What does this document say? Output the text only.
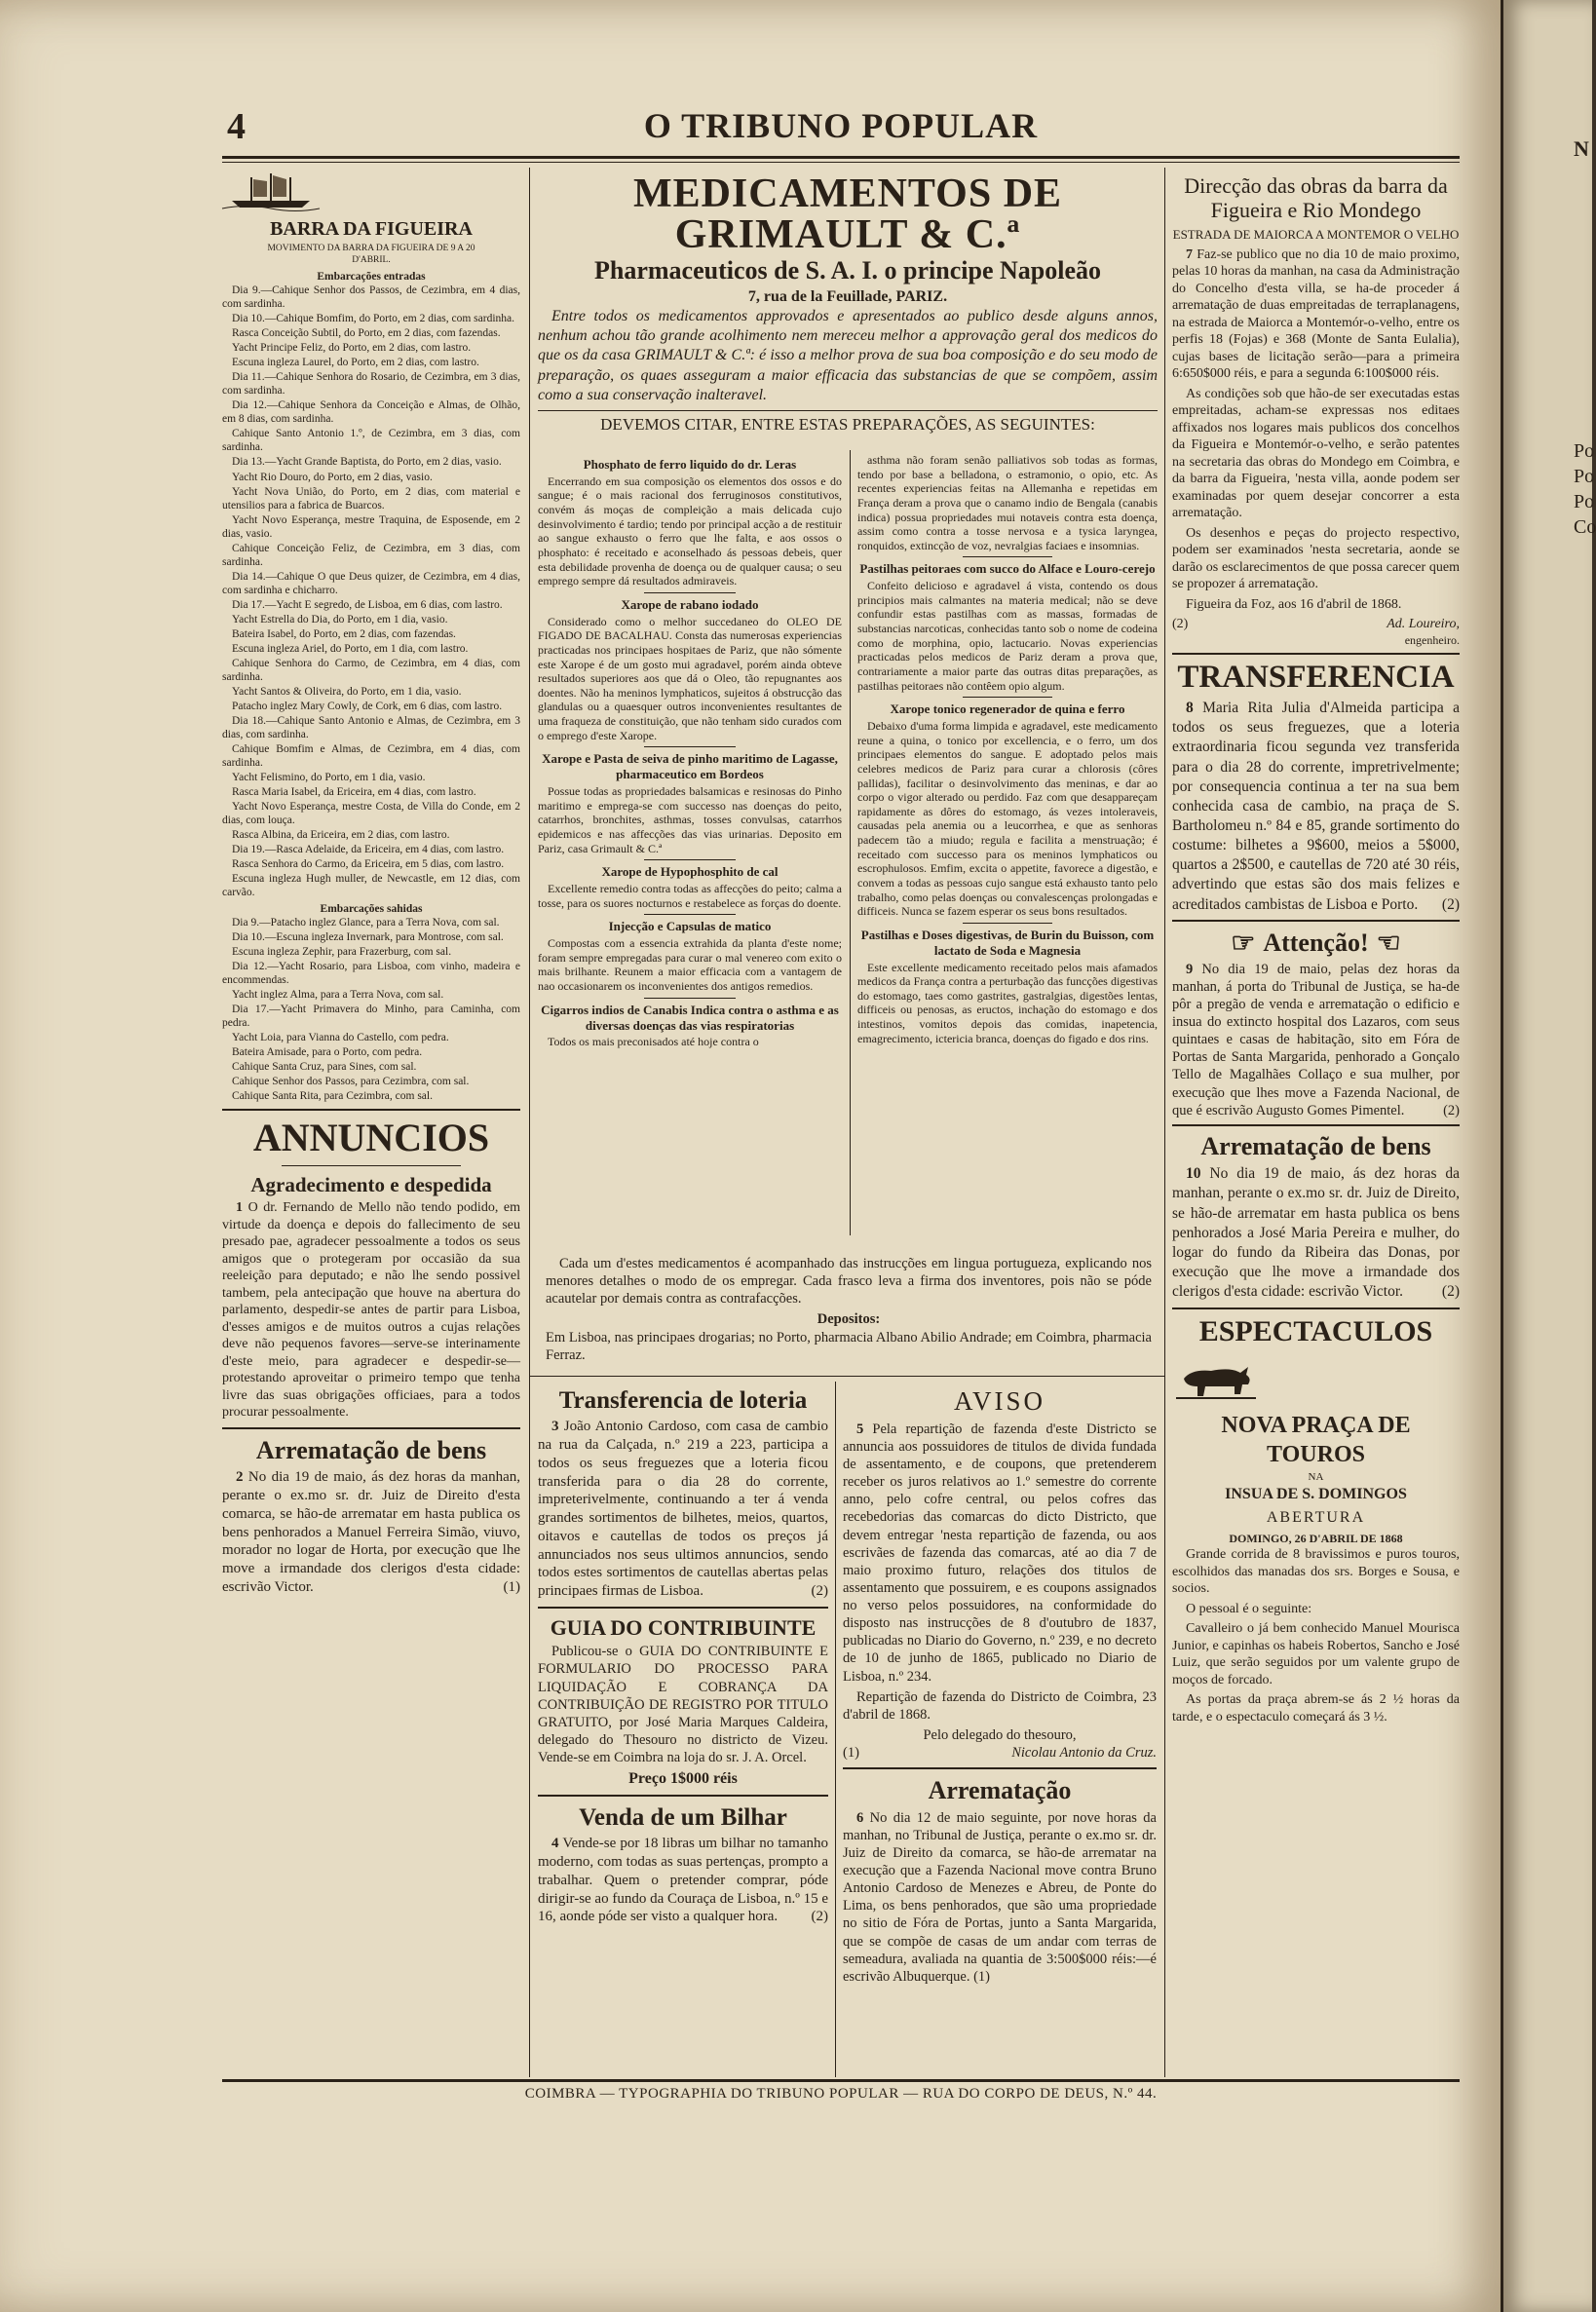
4	O TRIBUNO POPULAR
BARRA DA FIGUEIRA
MOVIMENTO DA BARRA DA FIGUEIRA DE 9 A 20 D'ABRIL.
Embarcações entradas
Dia 9.—Cahique Senhor dos Passos, de Cezimbra, em 4 dias, com sardinha.
Dia 10.—Cahique Bomfim, do Porto, em 2 dias, com sardinha.
Rasca Conceição Subtil, do Porto, em 2 dias, com fazendas.
Yacht Principe Feliz, do Porto, em 2 dias, com lastro.
Escuna ingleza Laurel, do Porto, em 2 dias, com lastro.
Dia 11.—Cahique Senhora do Rosario, de Cezimbra, em 3 dias, com sardinha.
Dia 12.—Cahique Senhora da Conceição e Almas, de Olhão, em 8 dias, com sardinha.
Cahique Santo Antonio 1.º, de Cezimbra, em 3 dias, com sardinha.
Dia 13.—Yacht Grande Baptista, do Porto, em 2 dias, vasio.
Yacht Rio Douro, do Porto, em 2 dias, vasio.
Yacht Nova União, do Porto, em 2 dias, com material e utensilios para a fabrica de Buarcos.
Yacht Novo Esperança, mestre Traquina, de Esposende, em 2 dias, vasio.
Cahique Conceição Feliz, de Cezimbra, em 3 dias, com sardinha.
Dia 14.—Cahique O que Deus quizer, de Cezimbra, em 4 dias, com sardinha e chicharro.
Dia 17.—Yacht E segredo, de Lisboa, em 6 dias, com lastro.
Yacht Estrella do Dia, do Porto, em 1 dia, vasio.
Bateira Isabel, do Porto, em 2 dias, com fazendas.
Escuna ingleza Ariel, do Porto, em 1 dia, com lastro.
Cahique Senhora do Carmo, de Cezimbra, em 4 dias, com sardinha.
Yacht Santos & Oliveira, do Porto, em 1 dia, vasio.
Patacho inglez Mary Cowly, de Cork, em 6 dias, com lastro.
Dia 18.—Cahique Santo Antonio e Almas, de Cezimbra, em 3 dias, com sardinha.
Cahique Bomfim e Almas, de Cezimbra, em 4 dias, com sardinha.
Yacht Felismino, do Porto, em 1 dia, vasio.
Rasca Maria Isabel, da Ericeira, em 4 dias, com lastro.
Yacht Novo Esperança, mestre Costa, de Villa do Conde, em 2 dias, com louça.
Rasca Albina, da Ericeira, em 2 dias, com lastro.
Dia 19.—Rasca Adelaide, da Ericeira, em 4 dias, com lastro.
Rasca Senhora do Carmo, da Ericeira, em 5 dias, com lastro.
Escuna ingleza Hugh muller, de Newcastle, em 12 dias, com carvão.
Embarcações sahidas
Dia 9.—Patacho inglez Glance, para a Terra Nova, com sal.
Dia 10.—Escuna ingleza Invernark, para Montrose, com sal.
Escuna ingleza Zephir, para Frazerburg, com sal.
Dia 12.—Yacht Rosario, para Lisboa, com vinho, madeira e encommendas.
Yacht inglez Alma, para a Terra Nova, com sal.
Dia 17.—Yacht Primavera do Minho, para Caminha, com pedra.
Yacht Loia, para Vianna do Castello, com pedra.
Bateira Amisade, para o Porto, com pedra.
Cahique Santa Cruz, para Sines, com sal.
Cahique Senhor dos Passos, para Cezimbra, com sal.
Cahique Santa Rita, para Cezimbra, com sal.
ANNUNCIOS
Agradecimento e despedida

1 O dr. Fernando de Mello não tendo podido, em virtude da doença e depois do fallecimento de seu presado pae, agradecer pessoalmente a todos os seus amigos que o protegeram por occasião da sua reeleição para deputado; e não lhe sendo possivel tambem, pela antecipação que houve na abertura do parlamento, despedir-se antes de partir para Lisboa, d'esses amigos e de muitos outros a cujas relações deve não pequenos favores—serve-se interinamente d'este meio, para agradecer e despedir-se— protestando aproveitar o primeiro tempo que tenha livre das suas obrigações officiaes, para a todos procurar pessoalmente.

Arrematação de bens

2 No dia 19 de maio, ás dez horas da manhan, perante o ex.mo sr. dr. Juiz de Direito d'esta comarca, se hão-de arrematar em hasta publica os bens penhorados a Manuel Ferreira Simão, viuvo, morador no logar de Horta, por execução que lhe move a irmandade dos clerigos d'esta cidade: escrivão Victor.	(1)

MEDICAMENTOS DE GRIMAULT & C.ª
Pharmaceuticos de S. A. I. o principe Napoleão
7, rua de la Feuillade, PARIZ.

Entre todos os medicamentos approvados e apresentados ao publico desde alguns annos, nenhum achou tão grande acolhimento nem mereceu melhor a approvação geral dos medicos do que os da casa GRIMAULT & C.ª: é isso a melhor prova de sua boa composição e do seu modo de preparação, os quaes asseguram a maior efficacia das substancias de que se compõem, assim como a sua conservação inalteravel.

DEVEMOS CITAR, ENTRE ESTAS PREPARAÇÕES, AS SEGUINTES:
Phosphato de ferro liquido do dr. Leras

Encerrando em sua composição os elementos dos ossos e do sangue; é o mais racional dos ferruginosos constitutivos, convém ás moças de compleição a mais delicada cujo desinvolvimento é tardio; tendo por principal acção a de restituir ao sangue exhausto o ferro que lhe falta, e aos ossos o phosphato: é receitado e aconselhado ás pessoas debeis, quer esta debilidade provenha de doença ou de qualquer causa; o seu emprego sempre dá resultados admiraveis.

Xarope de rabano iodado

Considerado como o melhor succedaneo do OLEO DE FIGADO DE BACALHAU. Consta das numerosas experiencias practicadas nos principaes hospitaes de Pariz, que não sómente este Xarope é de um gosto mui agradavel, porém ainda obteve resultados superiores aos que dá o Oleo, tão repugnantes aos doentes. Não ha meninos lymphaticos, sujeitos á obstrucção das glandulas ou a quaesquer outros inconvenientes resultantes de uma fraqueza de constituição, que não tenham sido curados com o emprego d'este Xarope.

Xarope e Pasta de seiva de pinho maritimo de Lagasse, pharmaceutico em Bordeos

Possue todas as propriedades balsamicas e resinosas do Pinho maritimo e emprega-se com successo nas doenças do peito, catarrhos, bronchites, asthmas, tosses convulsas, catarrhos epidemicos e nas affecções das vias urinarias. Deposito em Pariz, casa Grimault & C.ª

Xarope de Hypophosphito de cal

Excellente remedio contra todas as affecções do peito; calma a tosse, para os suores nocturnos e restabelece as forças do doente.

Injecção e Capsulas de matico

Compostas com a essencia extrahida da planta d'este nome; foram sempre empregadas para curar o mal venereo com exito o mais brilhante. Reunem a maior efficacia com a vantagem de nao occasionarem os inconvenientes dos antigos remedios.

Cigarros indios de Canabis Indica contra o asthma e as diversas doenças das vias respiratorias

Todos os mais preconisados até hoje contra o

asthma não foram senão palliativos sob todas as formas, tendo por base a belladona, o estramonio, o opio, etc. As recentes experiencias feitas na Allemanha e repetidas em França deram a prova que o canamo indio de Bengala (canabis indica) possua propriedades mui notaveis contra esta doença, assim como contra a tosse nervosa e a tysica laryngea, ronquidos, extincção de voz, nevralgias faciaes e insomnias.

Pastilhas peitoraes com succo do Alface e Louro-cerejo

Confeito delicioso e agradavel á vista, contendo os dous principios mais calmantes na materia medical; não se deve confundir estas pastilhas com as massas, formadas de substancias narcoticas, conhecidas tanto sob o nome de codeina como de morphina, opio, lactucario. Novas experiencias practicadas pelos medicos de Pariz deram a prova que, contrariamente a maior parte das outras ditas preparações, as pastilhas peitoraes não contêem opio algum.

Xarope tonico regenerador de quina e ferro

Debaixo d'uma forma limpida e agradavel, este medicamento reune a quina, o tonico por excellencia, e o ferro, um dos principaes elementos do sangue. E adoptado pelos mais celebres medicos de Pariz para curar a chlorosis (côres pallidas), facilitar o desinvolvimento das meninas, e dar ao corpo o vigor alterado ou perdido. Faz com que desappareçam rapidamente as dôres do estomago, ás vezes intoleraveis, causadas pela anemia ou a leucorrhea, e que as senhoras padecem tão a miudo; regula e facilita a menstruação; é receitado com successo para os meninos lymphaticos ou escrophulosos. Emfim, excita o appetite, favorece a digestão, e convem a todas as pessoas cujo sangue está exhausto tanto pelo trabalho, como pelas doenças ou convalescenças prolongadas e difficeis. Nunca se fazem esperar os seus bons resultados.

Pastilhas e Doses digestivas, de Burin du Buisson, com lactato de Soda e Magnesia

Este excellente medicamento receitado pelos mais afamados medicos da França contra a perturbação das funcções digestivas do estomago, taes como gastrites, gastralgias, digestões lentas, difficeis ou penosas, as eructos, inchação do estomago e dos intestinos, vomitos depois das comidas, inapetencia, emagrecimento, ictericia branca, doenças do figado e dos rins.

Cada um d'estes medicamentos é acompanhado das instrucções em lingua portugueza, explicando nos menores detalhes o modo de os empregar. Cada frasco leva a firma dos inventores, pois não se póde acautelar por demais contra as contrafacções.

Depositos:

Em Lisboa, nas principaes drogarias; no Porto, pharmacia Albano Abilio Andrade; em Coimbra, pharmacia Ferraz.

Transferencia de loteria

3 João Antonio Cardoso, com casa de cambio na rua da Calçada, n.º 219 a 223, participa a todos os seus freguezes que a loteria ficou transferida para o dia 28 do corrente, impreterivelmente, continuando a ter á venda grandes sortimentos de bilhetes, meios, quartos, oitavos e cautellas de todos os preços já annunciados nos seus ultimos annuncios, sendo todos estes sortimentos de cautellas abertas pelas principaes firmas de Lisboa.	(2)

GUIA DO CONTRIBUINTE

Publicou-se o GUIA DO CONTRIBUINTE E FORMULARIO DO PROCESSO PARA LIQUIDAÇÃO E COBRANÇA DA CONTRIBUIÇÃO DE REGISTRO POR TITULO GRATUITO, por José Maria Marques Caldeira, delegado do Thesouro no districto de Vizeu. Vende-se em Coimbra na loja do sr. J. A. Orcel.

Preço 1$000 réis
Venda de um Bilhar

4 Vende-se por 18 libras um bilhar no tamanho moderno, com todas as suas pertenças, prompto a trabalhar. Quem o pretender comprar, póde dirigir-se ao fundo da Couraça de Lisboa, n.º 15 e 16, aonde póde ser visto a qualquer hora.	(2)

AVISO

5 Pela repartição de fazenda d'este Districto se annuncia aos possuidores de titulos de divida fundada de assentamento, e de coupons, que pretenderem receber os juros relativos ao 1.º semestre do corrente anno, pelo cofre central, ou pelos cofres das recebedorias das comarcas do dicto Districto, que devem entregar 'nesta repartição de fazenda, ou aos escrivães de fazenda das comarcas, até ao dia 7 de maio proximo futuro, relações dos titulos de assentamento que possuirem, e es coupons assignados no verso pelos possuidores, na conformidade do disposto nas instrucções de 8 d'outubro de 1837, publicadas no Diario do Governo, n.º 239, e no decreto de 10 de junho de 1865, publicado no Diario de Lisboa, n.º 234.

Repartição de fazenda do Districto de Coimbra, 23 d'abril de 1868.

Pelo delegado do thesouro,
(1)	Nicolau Antonio da Cruz.
Arrematação

6 No dia 12 de maio seguinte, por nove horas da manhan, no Tribunal de Justiça, perante o ex.mo sr. dr. Juiz de Direito da comarca, se hão-de arrematar na execução que a Fazenda Nacional move contra Bruno Antonio Cardoso de Menezes e Abreu, de Ponte do Lima, os bens penhorados, que são uma propriedade no sitio de Fóra de Portas, junto a Santa Margarida, que se compõe de casas de um andar com terras de semeadura, avaliada na quantia de 3:500$000 réis:—é escrivão Albuquerque. (1)

Direcção das obras da barra da Figueira e Rio Mondego
ESTRADA DE MAIORCA A MONTEMOR O VELHO

7 Faz-se publico que no dia 10 de maio proximo, pelas 10 horas da manhan, na casa da Administração do Concelho d'esta villa, se ha-de proceder á arrematação de duas empreitadas de terraplanagens, na estrada de Maiorca a Montemór-o-velho, entre os perfis 18 (Fojas) e 368 (Monte de Santa Eulalia), cujas bases de licitação serão—para a primeira 6:650$000 réis, e para a segunda 6:100$000 réis.

As condições sob que hão-de ser executadas estas empreitadas, acham-se expressas nos editaes affixados nos logares mais publicos dos concelhos da Figueira e Montemór-o-velho, e serão patentes na secretaria das obras do Mondego em Coimbra, e da barra da Figueira, 'nesta villa, aonde podem ser examinadas por quem desejar concorrer a esta arrematação.

Os desenhos e peças do projecto respectivo, podem ser examinados 'nesta secretaria, aonde se darão os esclarecimentos de que possa carecer quem se propozer á arrematação.

Figueira da Foz, aos 16 d'abril de 1868.

(2)	Ad. Loureiro,
engenheiro.
TRANSFERENCIA

8 Maria Rita Julia d'Almeida participa a todos os seus freguezes, que a loteria extraordinaria ficou segunda vez transferida para o dia 28 do corrente, impretrivelmente; por consequencia continua a ter na sua bem conhecida casa de cambio, na praça de S. Bartholomeu n.º 84 e 85, grande sortimento do costume: bilhetes a 9$600, meios a 5$000, quartos a 2$500, e cautellas de 720 até 30 réis, advertindo que estas são dos mais felizes e acreditados cambistas de Lisboa e Porto.	(2)

☞ Attenção! ☜

9 No dia 19 de maio, pelas dez horas da manhan, á porta do Tribunal de Justiça, se ha-de pôr a pregão de venda e arrematação o edificio e insua do extincto hospital dos Lazaros, com seus quintaes e casas de habitação, sito em Fóra de Portas de Santa Margarida, penhorado a Gonçalo Tello de Magalhães Collaço e sua mulher, por execução que lhes move a Fazenda Nacional, de que é escrivão Augusto Gomes Pimentel.	(2)

Arrematação de bens

10 No dia 19 de maio, ás dez horas da manhan, perante o ex.mo sr. dr. Juiz de Direito, se hão-de arrematar em hasta publica os bens penhorados a José Maria Pereira e mulher, do logar do fundo da Ribeira das Donas, por execução que lhe move a irmandade dos clerigos d'esta cidade: escrivão Victor.	(2)

ESPECTACULOS
NOVA PRAÇA DE TOUROS
NA
INSUA DE S. DOMINGOS
ABERTURA
DOMINGO, 26 D'ABRIL DE 1868

Grande corrida de 8 bravissimos e puros touros, escolhidos das manadas dos srs. Borges e Sousa, e socios.

O pessoal é o seguinte:

Cavalleiro o já bem conhecido Manuel Mourisca Junior, e capinhas os habeis Robertos, Sancho e José Luiz, que serão seguidos por um valente grupo de moços de forcado.

As portas da praça abrem-se ás 2 ½ horas da tarde, e o espectaculo começará ás 3 ½.

COIMBRA — TYPOGRAPHIA DO TRIBUNO POPULAR — RUA DO CORPO DE DEUS, N.º 44.
N
Po
Po
Po
Co
